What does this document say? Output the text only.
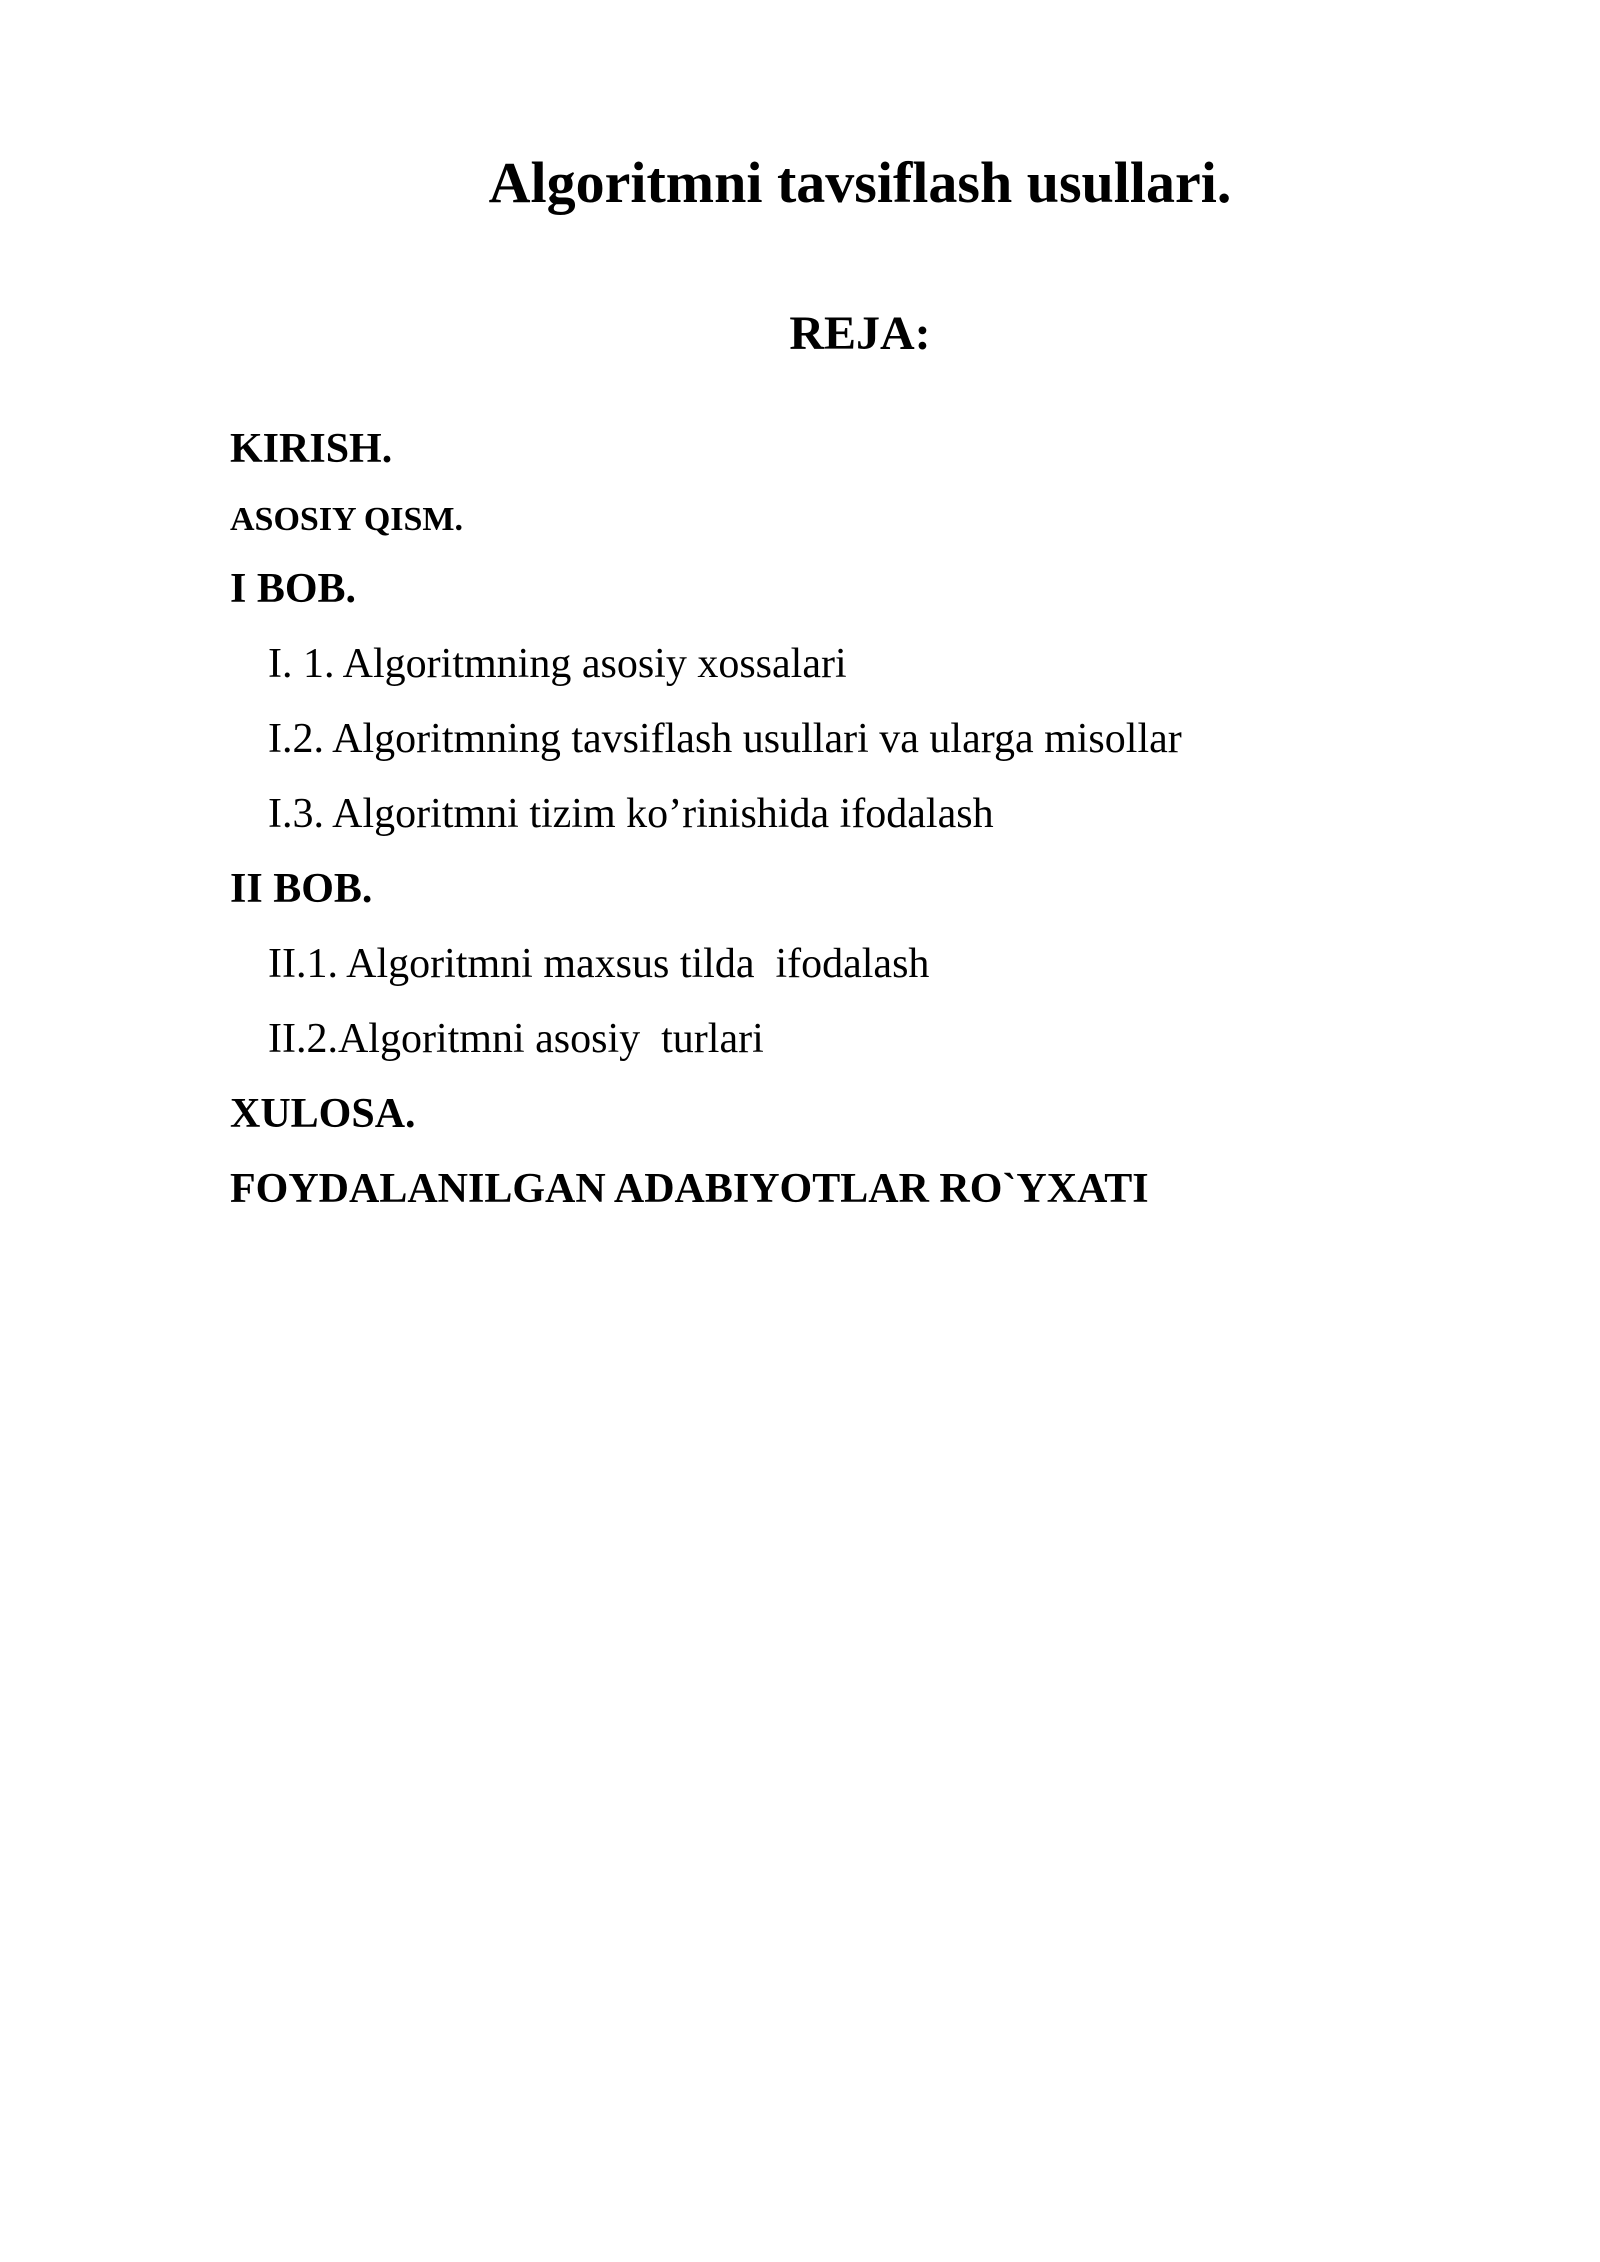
Algoritmni tavsiflash usullari.
REJA:
KIRISH.
ASOSIY QISM.
I BOB.
I. 1. Algoritmning asosiy xossalari
I.2. Algoritmning tavsiflash usullari va ularga misollar
I.3. Algoritmni tizim ko’rinishida ifodalash
II BOB.
II.1. Algoritmni maxsus tilda  ifodalash
II.2.Algoritmni asosiy  turlari
XULOSA.
FOYDALANILGAN ADABIYOTLAR RO`YXATI
